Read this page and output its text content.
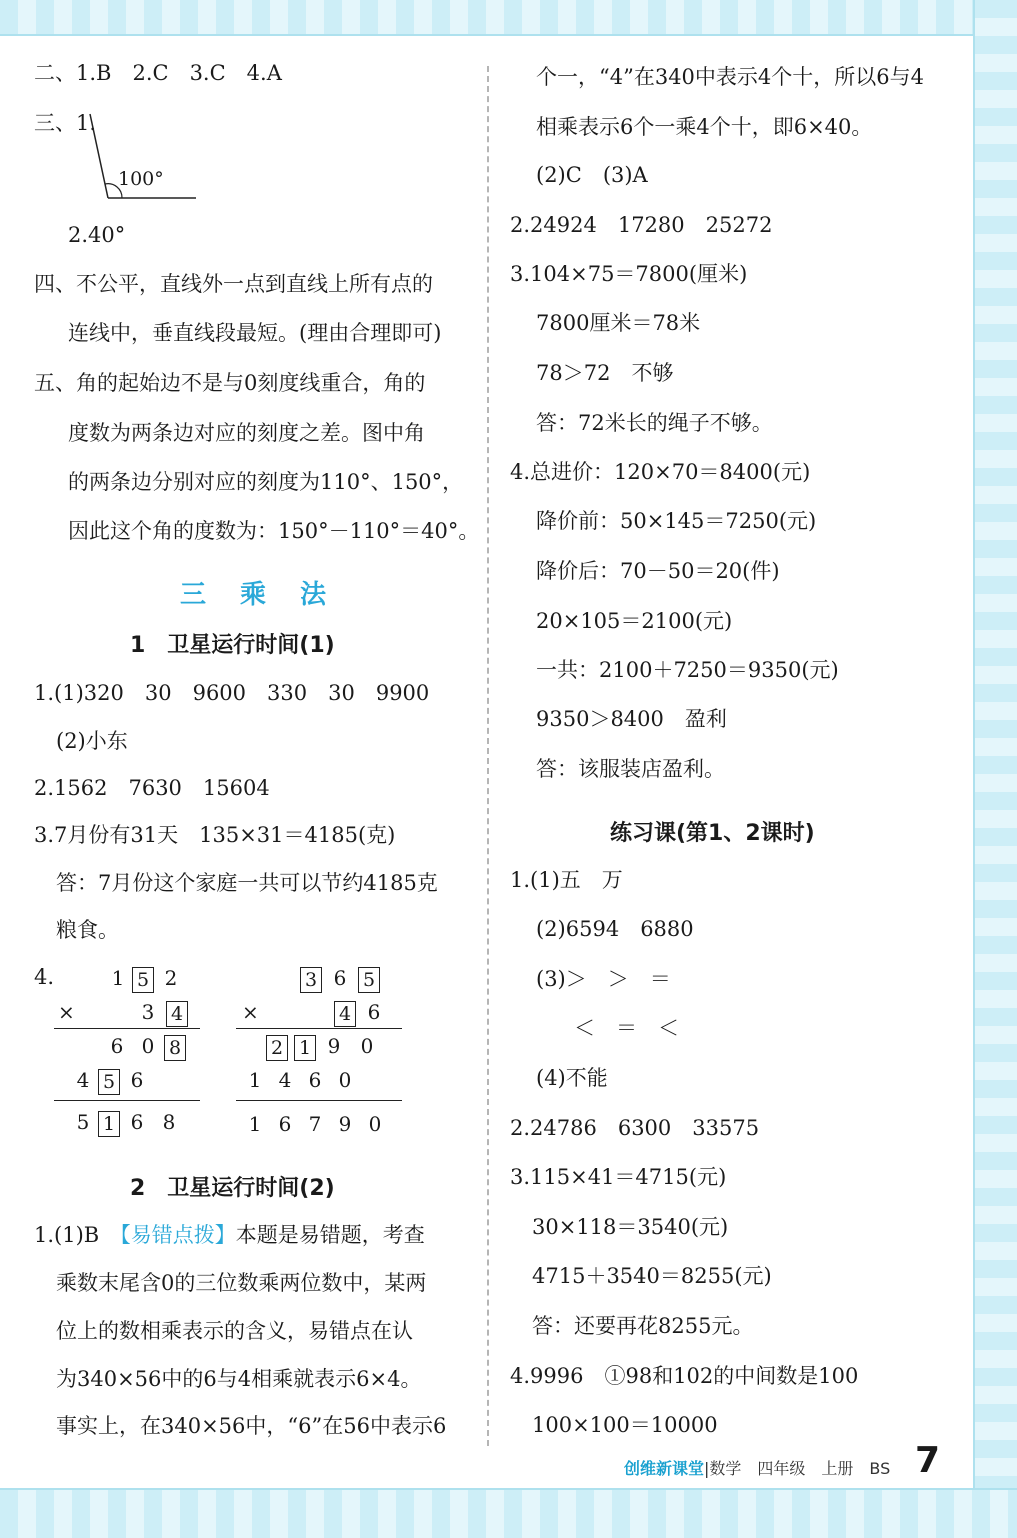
二、1.B　2.C　3.C　4.A
三、1.
100°
2.40°
四、不公平，直线外一点到直线上所有点的
连线中，垂直线段最短。(理由合理即可)
五、角的起始边不是与0刻度线重合，角的
度数为两条边对应的刻度之差。图中角
的两条边分别对应的刻度为110°、150°，
因此这个角的度数为：150°－110°＝40°。
三乘法
1　卫星运行时间(1)
1.(1)320　30　9600　330　30　9900
(2)小东
2.1562　7630　15604
3.7月份有31天　135×31＝4185(克)
答：7月份这个家庭一共可以节约4185克
粮食。
4.	1 5 2
×	3 4
6 0 8
4 5 6
5 1 6 8
3 6 5
×	4 6
2 1 9 0
1 4 6 0
1 6 7 9 0
2　卫星运行时间(2)
1.(1)B　【易错点拨】本题是易错题，考查
乘数末尾含0的三位数乘两位数中，某两
位上的数相乘表示的含义，易错点在认
为340×56中的6与4相乘就表示6×4。
事实上，在340×56中，“6”在56中表示6
个一，“4”在340中表示4个十，所以6与4
相乘表示6个一乘4个十，即6×40。
(2)C　(3)A
2.24924　17280　25272
3.104×75＝7800(厘米)
7800厘米＝78米
78＞72　不够
答：72米长的绳子不够。
4.总进价：120×70＝8400(元)
降价前：50×145＝7250(元)
降价后：70－50＝20(件)
20×105＝2100(元)
一共：2100＋7250＝9350(元)
9350＞8400　盈利
答：该服装店盈利。
练习课(第1、2课时)
1.(1)五　万
(2)6594　6880
(3)＞　＞　＝
＜　＝　＜
(4)不能
2.24786　6300　33575
3.115×41＝4715(元)
30×118＝3540(元)
4715＋3540＝8255(元)
答：还要再花8255元。
4.9996　①98和102的中间数是100
100×100＝10000
创维新课堂|数学　四年级　上册　BS 7
